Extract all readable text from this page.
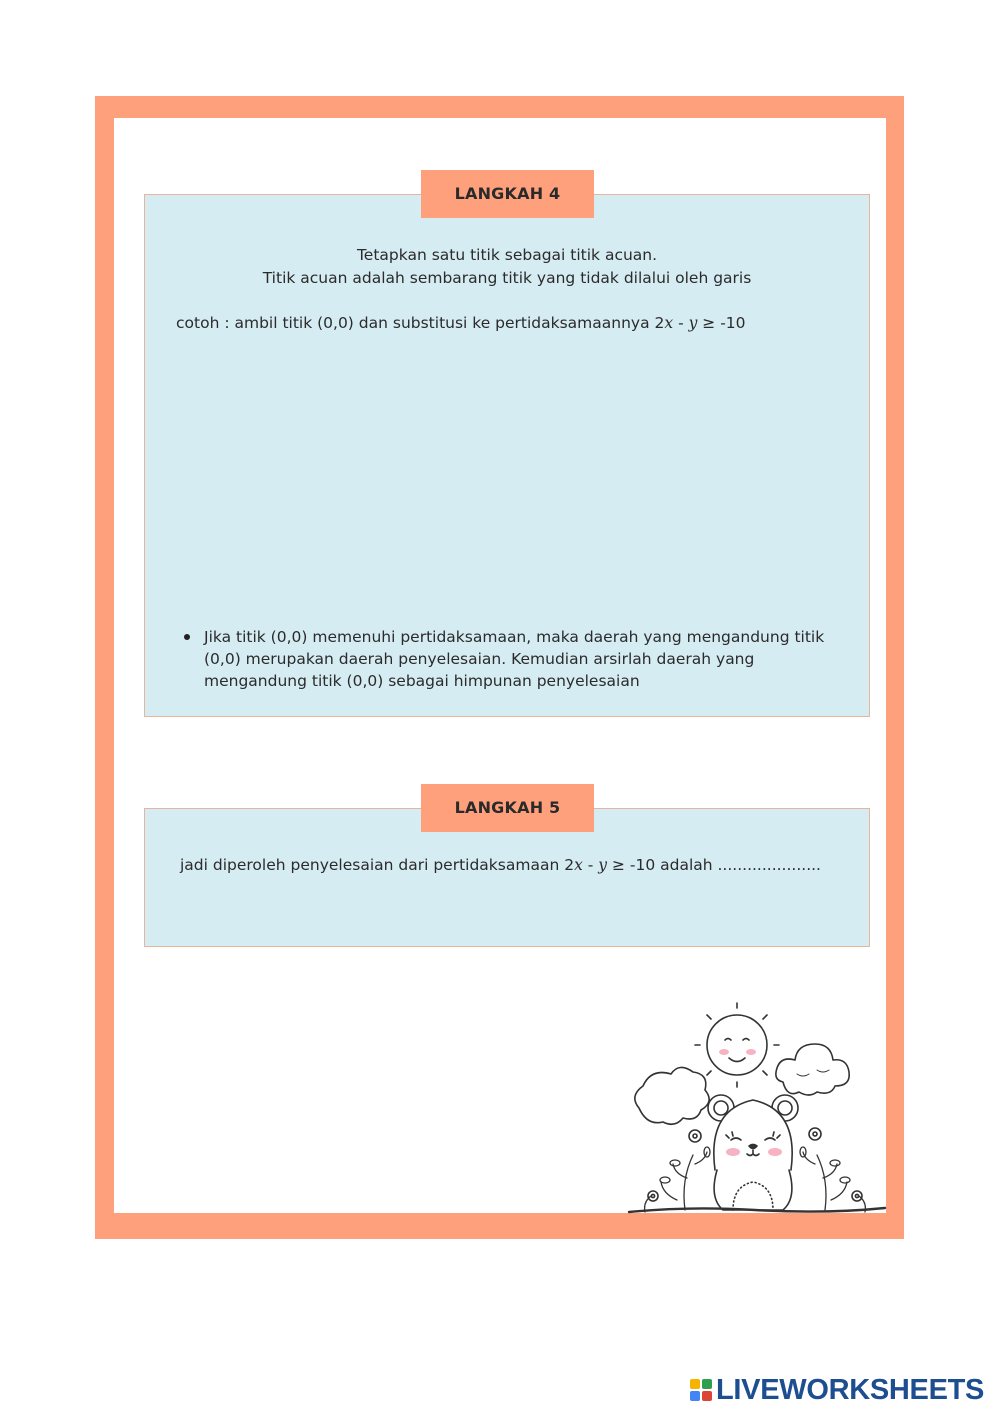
LANGKAH 4
Tetapkan satu titik sebagai titik acuan.
Titik acuan adalah sembarang titik yang tidak dilalui oleh garis
cotoh : ambil titik (0,0) dan substitusi ke pertidaksamaannya 2x - y ≥ -10
Jika titik (0,0) memenuhi pertidaksamaan, maka daerah yang mengandung titik (0,0) merupakan daerah penyelesaian. Kemudian arsirlah daerah yang mengandung titik (0,0) sebagai himpunan penyelesaian
LANGKAH 5
jadi diperoleh penyelesaian dari pertidaksamaan 2x - y ≥ -10 adalah .....................
LIVEWORKSHEETS
